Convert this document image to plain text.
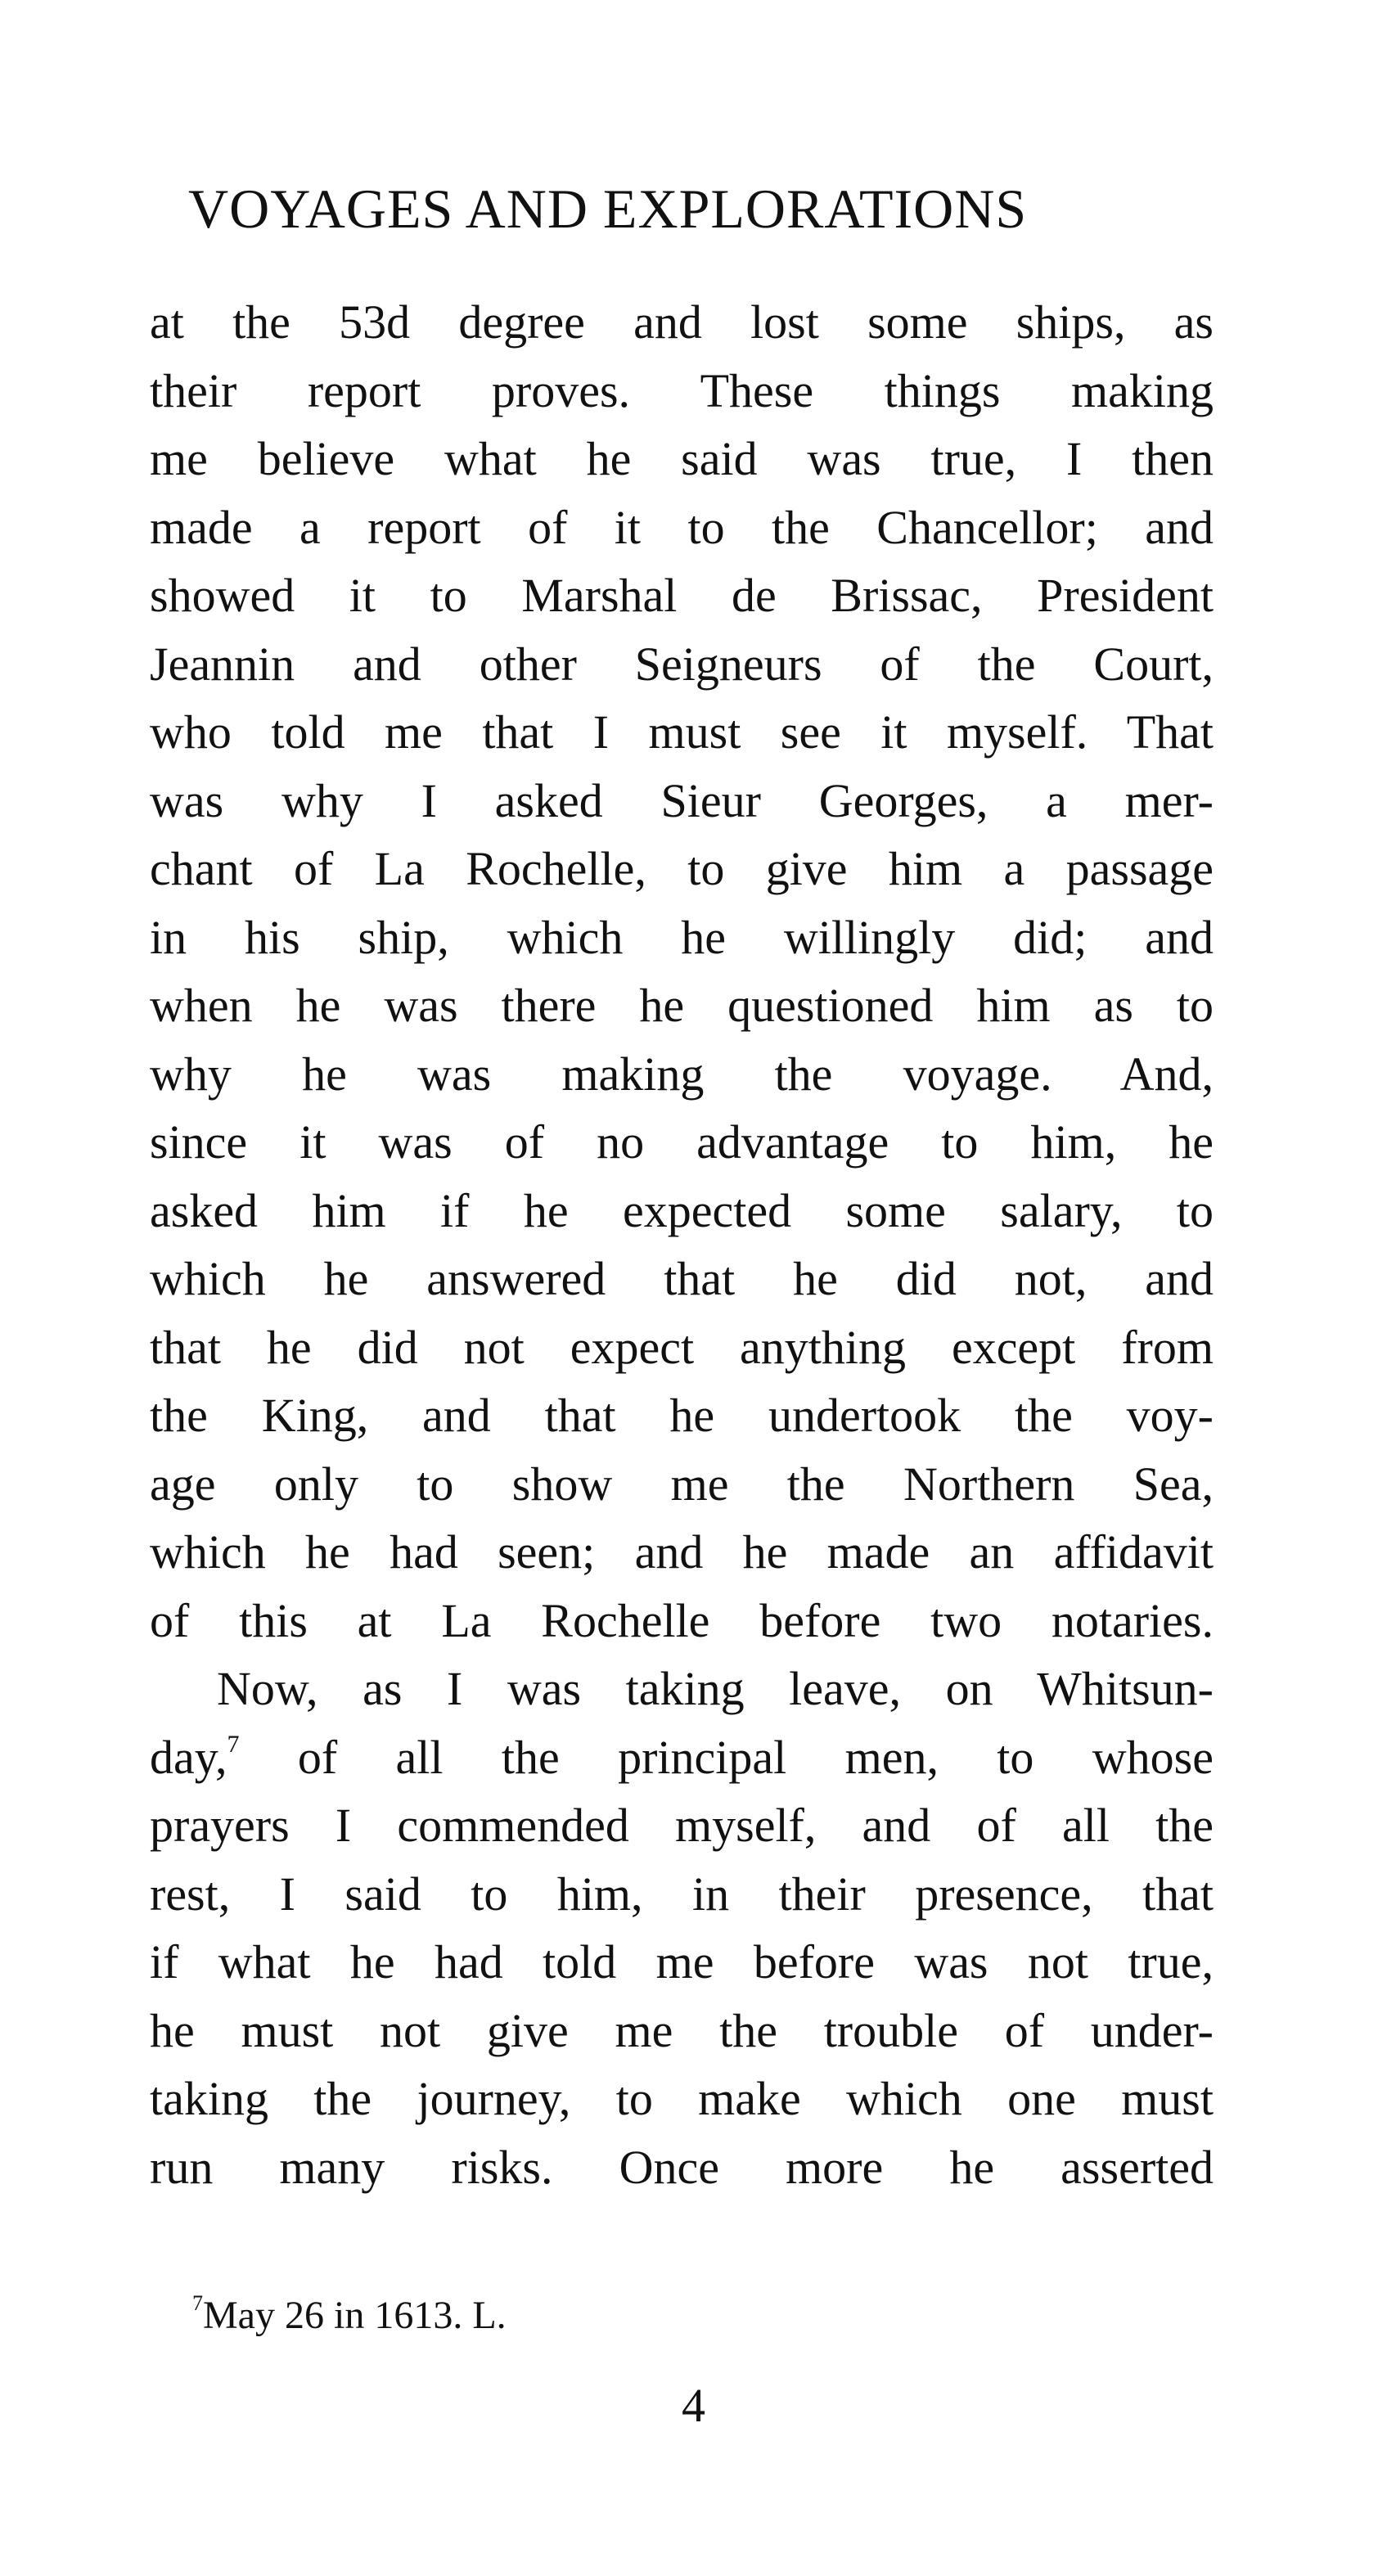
VOYAGES AND EXPLORATIONS
at the 53d degree and lost some ships, as
their report proves. These things making
me believe what he said was true, I then
made a report of it to the Chancellor; and
showed it to Marshal de Brissac, President
Jeannin and other Seigneurs of the Court,
who told me that I must see it myself. That
was why I asked Sieur Georges, a mer-
chant of La Rochelle, to give him a passage
in his ship, which he willingly did; and
when he was there he questioned him as to
why he was making the voyage. And,
since it was of no advantage to him, he
asked him if he expected some salary, to
which he answered that he did not, and
that he did not expect anything except from
the King, and that he undertook the voy-
age only to show me the Northern Sea,
which he had seen; and he made an affidavit
of this at La Rochelle before two notaries.
Now, as I was taking leave, on Whitsun-
day,$^7$ of all the principal men, to whose
prayers I commended myself, and of all the
rest, I said to him, in their presence, that
if what he had told me before was not true,
he must not give me the trouble of under-
taking the journey, to make which one must
run many risks. Once more he asserted
$^7$May 26 in 1613. L.
4
